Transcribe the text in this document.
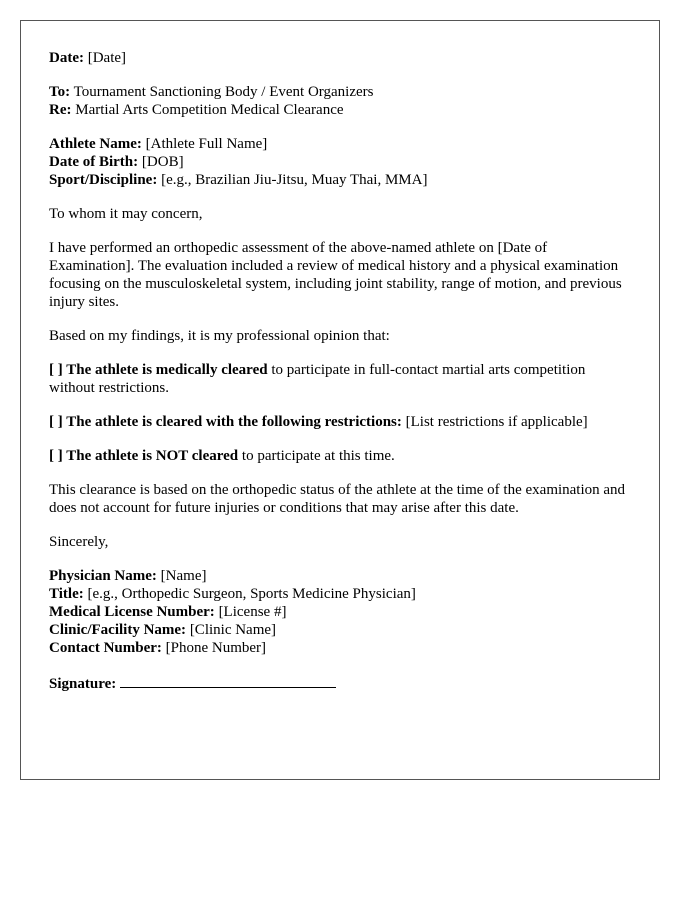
Date: [Date]
To: Tournament Sanctioning Body / Event Organizers
Re: Martial Arts Competition Medical Clearance
Athlete Name: [Athlete Full Name]
Date of Birth: [DOB]
Sport/Discipline: [e.g., Brazilian Jiu-Jitsu, Muay Thai, MMA]

To whom it may concern,

I have performed an orthopedic assessment of the above-named athlete on [Date of Examination]. The evaluation included a review of medical history and a physical examination focusing on the musculoskeletal system, including joint stability, range of motion, and previous injury sites.

Based on my findings, it is my professional opinion that:

[ ] The athlete is medically cleared to participate in full-contact martial arts competition without restrictions.

[ ] The athlete is cleared with the following restrictions: [List restrictions if applicable]

[ ] The athlete is NOT cleared to participate at this time.

This clearance is based on the orthopedic status of the athlete at the time of the examination and does not account for future injuries or conditions that may arise after this date.

Sincerely,

Physician Name: [Name]
Title: [e.g., Orthopedic Surgeon, Sports Medicine Physician]
Medical License Number: [License #]
Clinic/Facility Name: [Clinic Name]
Contact Number: [Phone Number]
Signature:
